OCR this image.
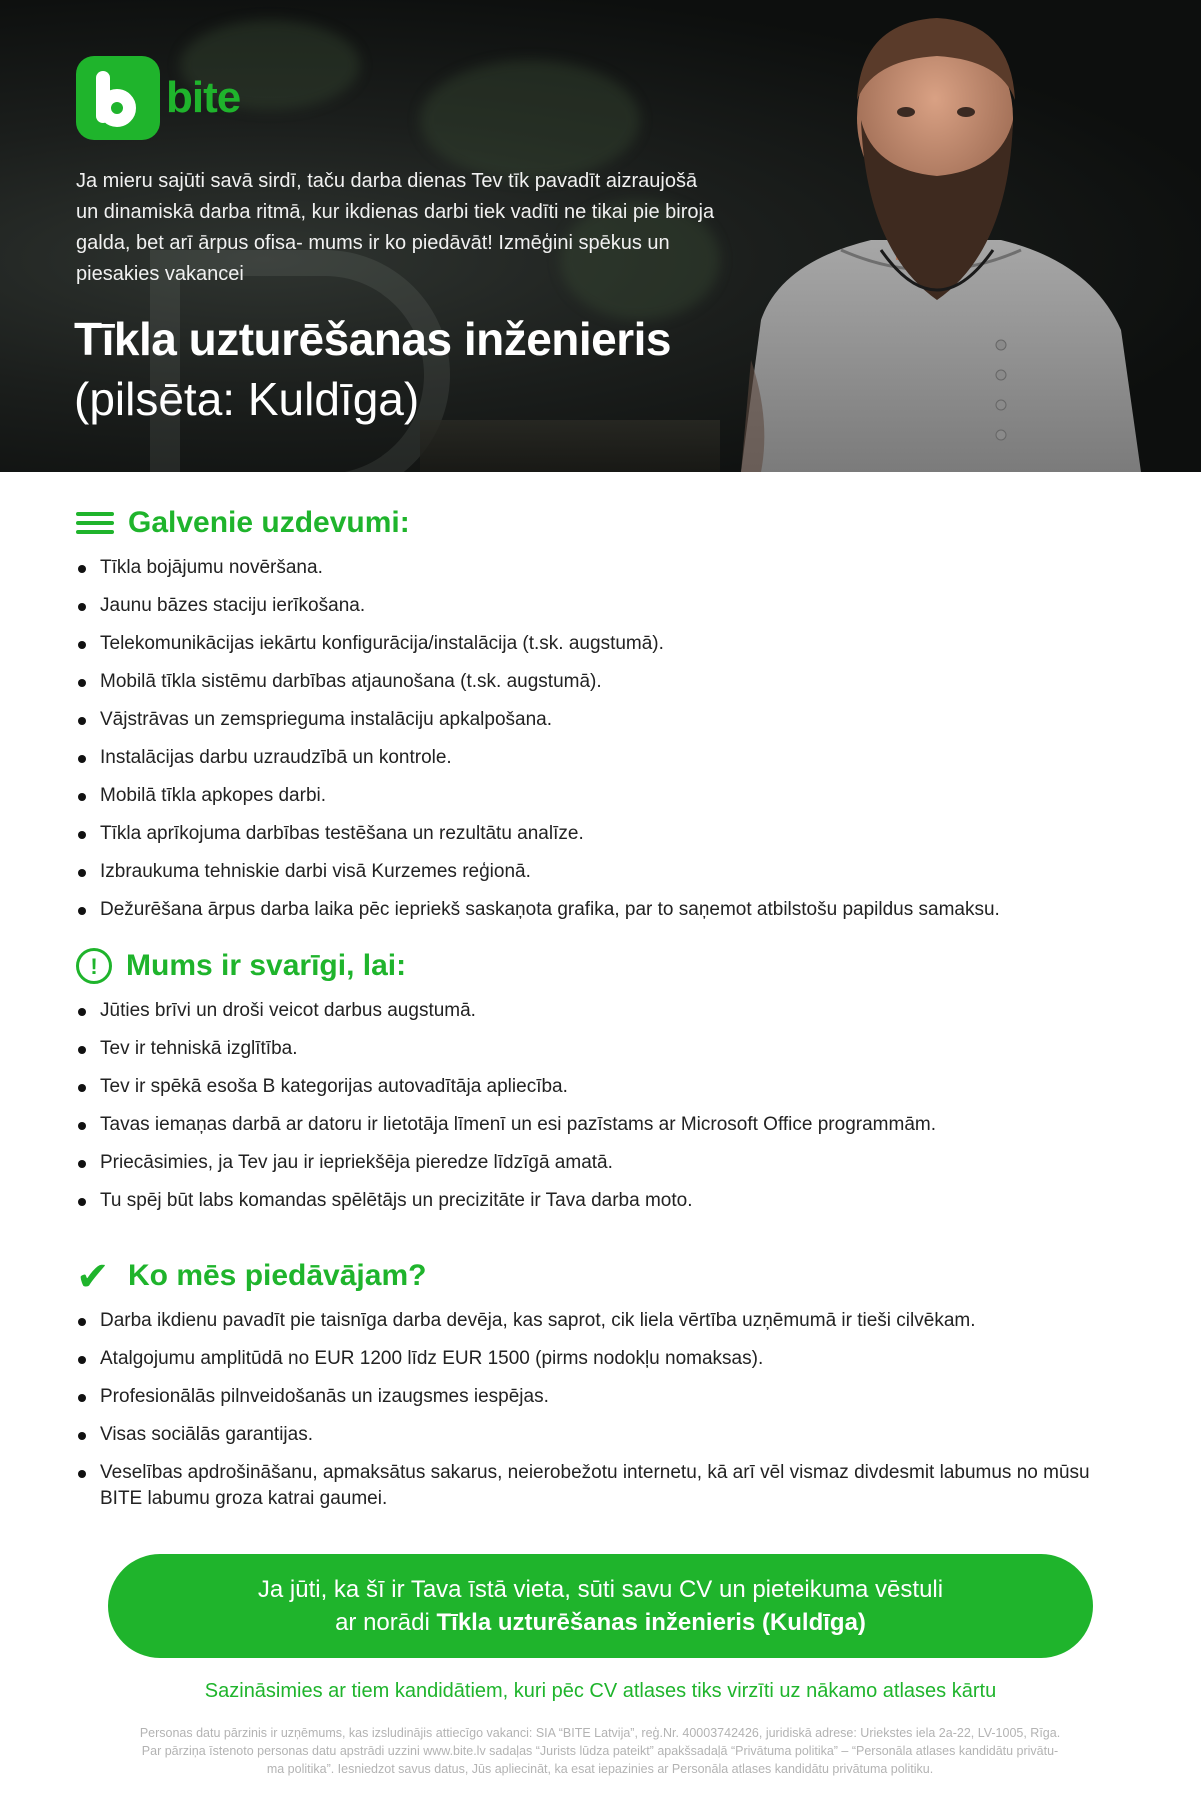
bite

Ja mieru sajūti savā sirdī, taču darba dienas Tev tīk pavadīt aizraujošā un dinamiskā darba ritmā, kur ikdienas darbi tiek vadīti ne tikai pie biroja galda, bet arī ārpus ofisa- mums ir ko piedāvāt! Izmēģini spēkus un piesakies vakancei

Tīkla uzturēšanas inženieris
(pilsēta: Kuldīga)
Galvenie uzdevumi:
Tīkla bojājumu novēršana.
Jaunu bāzes staciju ierīkošana.
Telekomunikācijas iekārtu konfigurācija/instalācija (t.sk. augstumā).
Mobilā tīkla sistēmu darbības atjaunošana (t.sk. augstumā).
Vājstrāvas un zemsprieguma instalāciju apkalpošana.
Instalācijas darbu uzraudzībā un kontrole.
Mobilā tīkla apkopes darbi.
Tīkla aprīkojuma darbības testēšana un rezultātu analīze.
Izbraukuma tehniskie darbi visā Kurzemes reģionā.
Dežurēšana ārpus darba laika pēc iepriekš saskaņota grafika, par to saņemot atbilstošu papildus samaksu.
! Mums ir svarīgi, lai:
Jūties brīvi un droši veicot darbus augstumā.
Tev ir tehniskā izglītība.
Tev ir spēkā esoša B kategorijas autovadītāja apliecība.
Tavas iemaņas darbā ar datoru ir lietotāja līmenī un esi pazīstams ar Microsoft Office programmām.
Priecāsimies, ja Tev jau ir iepriekšēja pieredze līdzīgā amatā.
Tu spēj būt labs komandas spēlētājs un precizitāte ir Tava darba moto.
✔ Ko mēs piedāvājam?
Darba ikdienu pavadīt pie taisnīga darba devēja, kas saprot, cik liela vērtība uzņēmumā ir tieši cilvēkam.
Atalgojumu amplitūdā no EUR 1200 līdz EUR 1500 (pirms nodokļu nomaksas).
Profesionālās pilnveidošanās un izaugsmes iespējas.
Visas sociālās garantijas.
Veselības apdrošināšanu, apmaksātus sakarus, neierobežotu internetu, kā arī vēl vismaz divdesmit labumus no mūsu BITE labumu groza katrai gaumei.
Ja jūti, ka šī ir Tava īstā vieta, sūti savu CV un pieteikuma vēstuli
ar norādi Tīkla uzturēšanas inženieris (Kuldīga)
Sazināsimies ar tiem kandidātiem, kuri pēc CV atlases tiks virzīti uz nākamo atlases kārtu
Personas datu pārzinis ir uzņēmums, kas izsludinājis attiecīgo vakanci: SIA “BITE Latvija”, reģ.Nr. 40003742426, juridiskā adrese: Uriekstes iela 2a-22, LV-1005, Rīga.
Par pārziņa īstenoto personas datu apstrādi uzzini www.bite.lv sadaļas “Jurists lūdza pateikt” apakšsadaļā “Privātuma politika” – “Personāla atlases kandidātu privātu-
ma politika”. Iesniedzot savus datus, Jūs apliecināt, ka esat iepazinies ar Personāla atlases kandidātu privātuma politiku.
